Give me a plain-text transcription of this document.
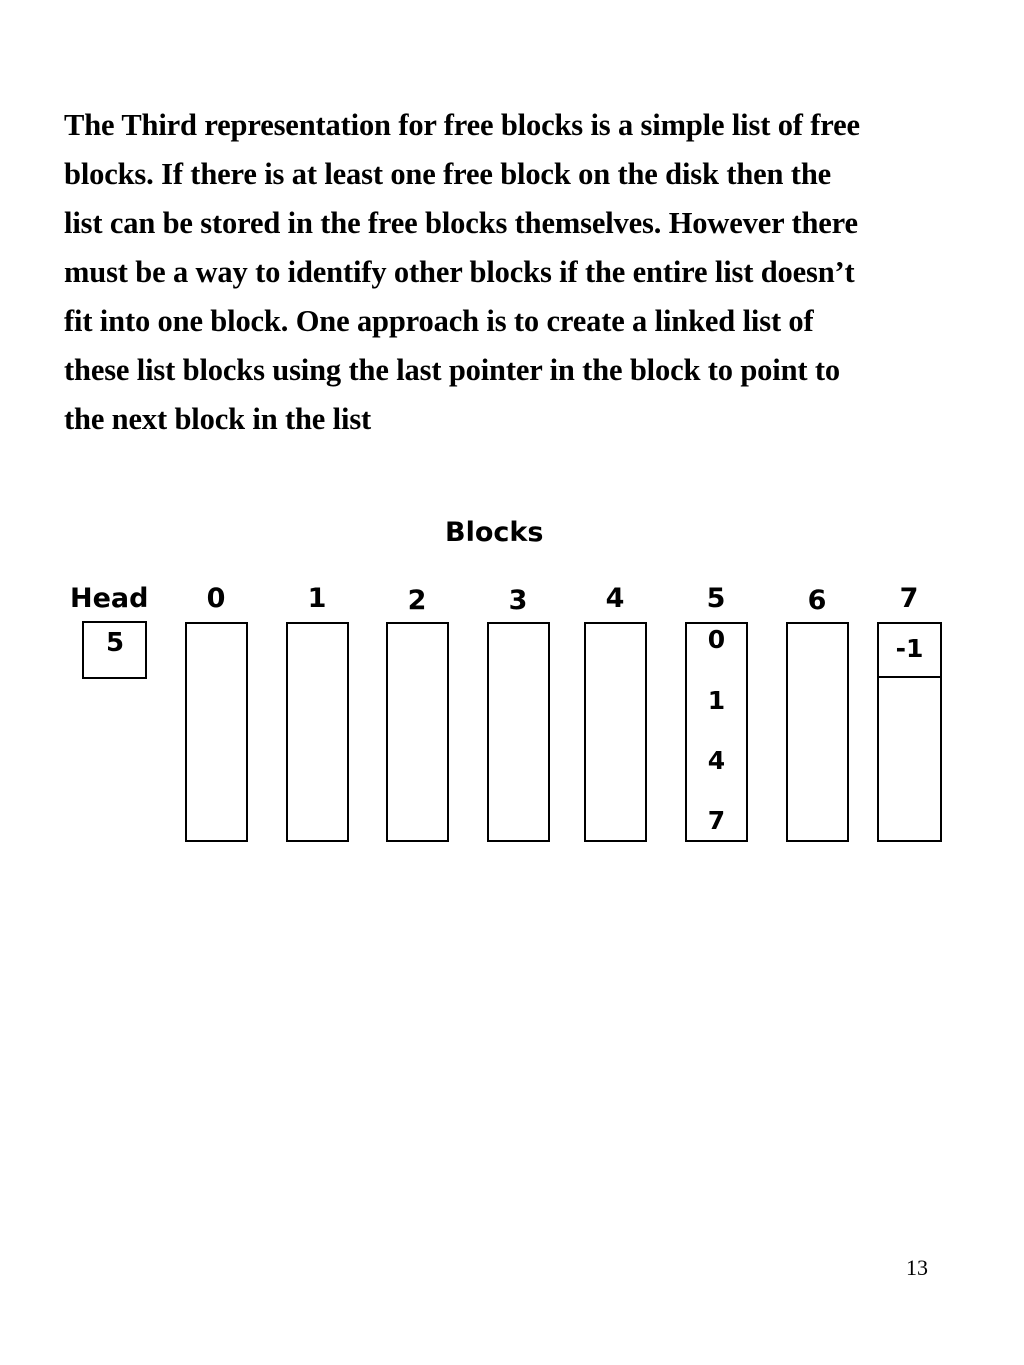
The Third representation for free blocks is a simple list of free
blocks. If there is at least one free block on the disk then the
list can be stored in the free blocks themselves. However there
must be a way to identify other blocks if the entire list doesn’t
fit into one block. One approach is to create a linked list of
these list blocks using the last pointer in the block to point to
the next block in the list
Blocks
Head
5
0	1	2	3	4	5
0
1
4
7
6	7
-1
13
